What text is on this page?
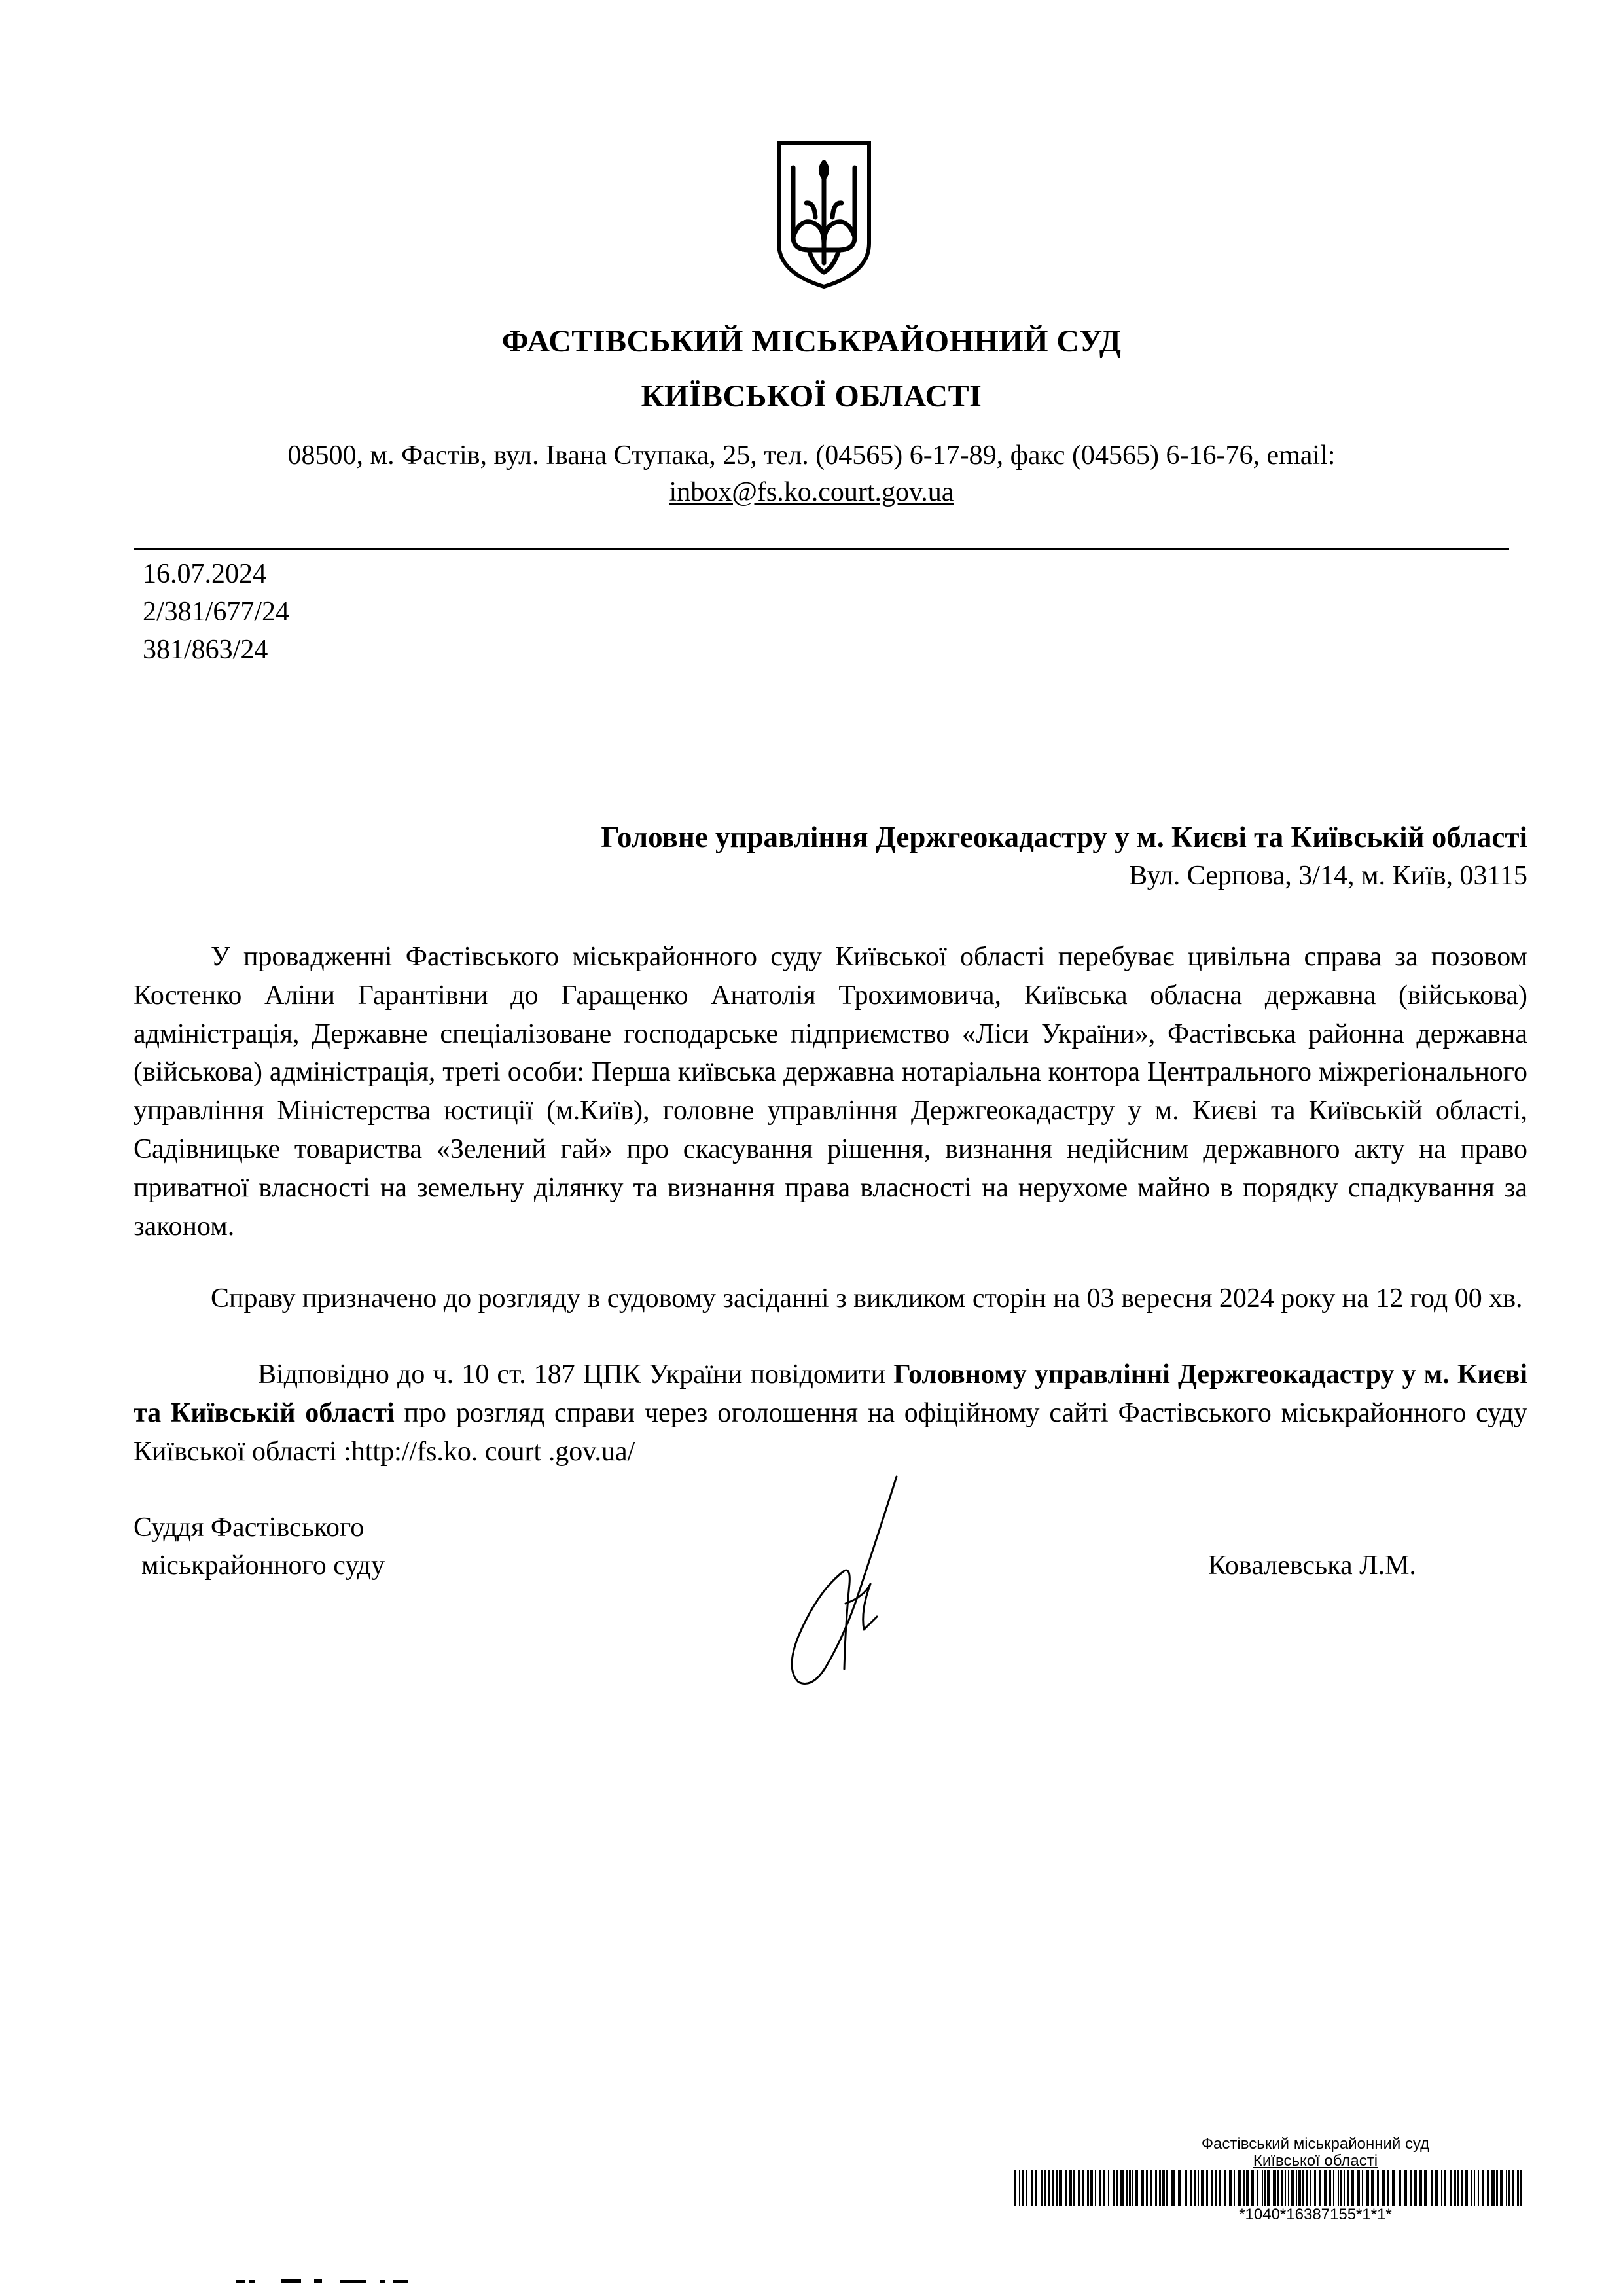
ФАСТІВСЬКИЙ МІСЬКРАЙОННИЙ СУД
КИЇВСЬКОЇ ОБЛАСТІ
08500, м. Фастів, вул. Івана Ступака, 25, тел. (04565) 6-17-89, факс (04565) 6-16-76, email:
inbox@fs.ko.court.gov.ua
16.07.2024
2/381/677/24
381/863/24
Головне управління Держгеокадастру у м. Києві та Київській області
Вул. Серпова, 3/14, м. Київ, 03115
У провадженні Фастівського міськрайонного суду Київської області перебуває цивільна справа за позовом Костенко Аліни Гарантівни до Гаращенко Анатолія Трохимовича, Київська обласна державна (військова) адміністрація, Державне спеціалізоване господарське підприємство «Ліси України», Фастівська районна державна (військова) адміністрація, треті особи: Перша київська державна нотаріальна контора Центрального міжрегіонального управління Міністерства юстиції (м.Київ), головне управління Держгеокадастру у м. Києві та Київській області, Садівницьке товариства «Зелений гай» про скасування рішення, визнання недійсним державного акту на право приватної власності на земельну ділянку та визнання права власності на нерухоме майно в порядку спадкування за законом.
Справу призначено до розгляду в судовому засіданні з викликом сторін на 03 вересня 2024 року на 12 год 00 хв.
Відповідно до ч. 10 ст. 187 ЦПК України повідомити Головному управлінні Держгеокадастру у м. Києві та Київській області про розгляд справи через оголошення на офіційному сайті Фастівського міськрайонного суду Київської області :http://fs.ko. court .gov.ua/
Суддя Фастівського
міськрайонного суду	Ковалевська Л.М.
Фастівський міськрайонний суд
Київської області
*1040*16387155*1*1*
